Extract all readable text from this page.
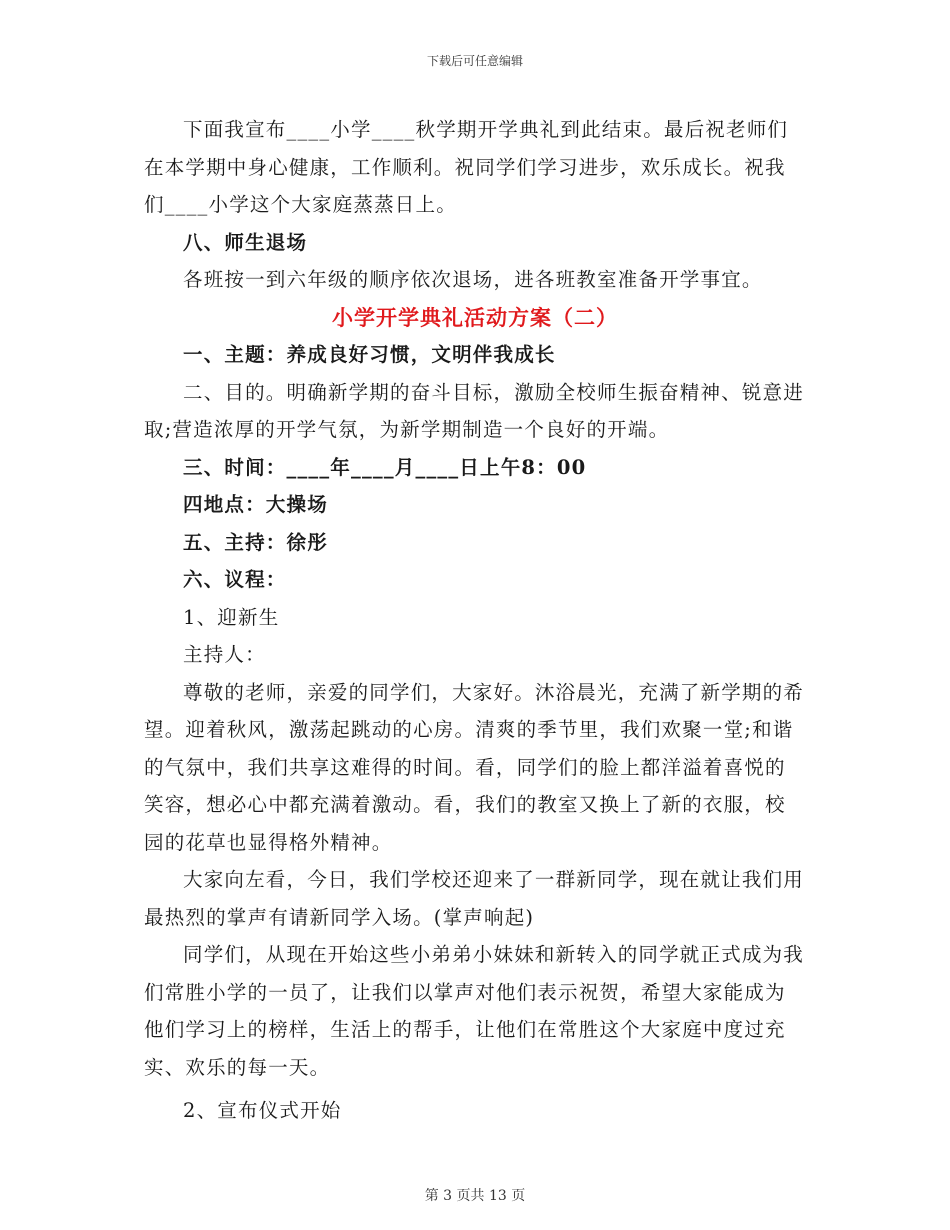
下载后可任意编辑

下面我宣布____小学____秋学期开学典礼到此结束。最后祝老师们在本学期中身心健康，工作顺利。祝同学们学习进步，欢乐成长。祝我们____小学这个大家庭蒸蒸日上。

八、师生退场

各班按一到六年级的顺序依次退场，进各班教室准备开学事宜。

小学开学典礼活动方案（二）

一、主题：养成良好习惯，文明伴我成长

二、目的。明确新学期的奋斗目标，激励全校师生振奋精神、锐意进取;营造浓厚的开学气氛，为新学期制造一个良好的开端。

三、时间：____年____月____日上午8：00

四地点：大操场

五、主持：徐彤

六、议程：

1、迎新生

主持人：

尊敬的老师，亲爱的同学们，大家好。沐浴晨光，充满了新学期的希望。迎着秋风，激荡起跳动的心房。清爽的季节里，我们欢聚一堂;和谐的气氛中，我们共享这难得的时间。看，同学们的脸上都洋溢着喜悦的笑容，想必心中都充满着激动。看，我们的教室又换上了新的衣服，校园的花草也显得格外精神。

大家向左看，今日，我们学校还迎来了一群新同学，现在就让我们用最热烈的掌声有请新同学入场。(掌声响起)

同学们，从现在开始这些小弟弟小妹妹和新转入的同学就正式成为我们常胜小学的一员了，让我们以掌声对他们表示祝贺，希望大家能成为他们学习上的榜样，生活上的帮手，让他们在常胜这个大家庭中度过充实、欢乐的每一天。

2、宣布仪式开始

第 3 页共 13 页
